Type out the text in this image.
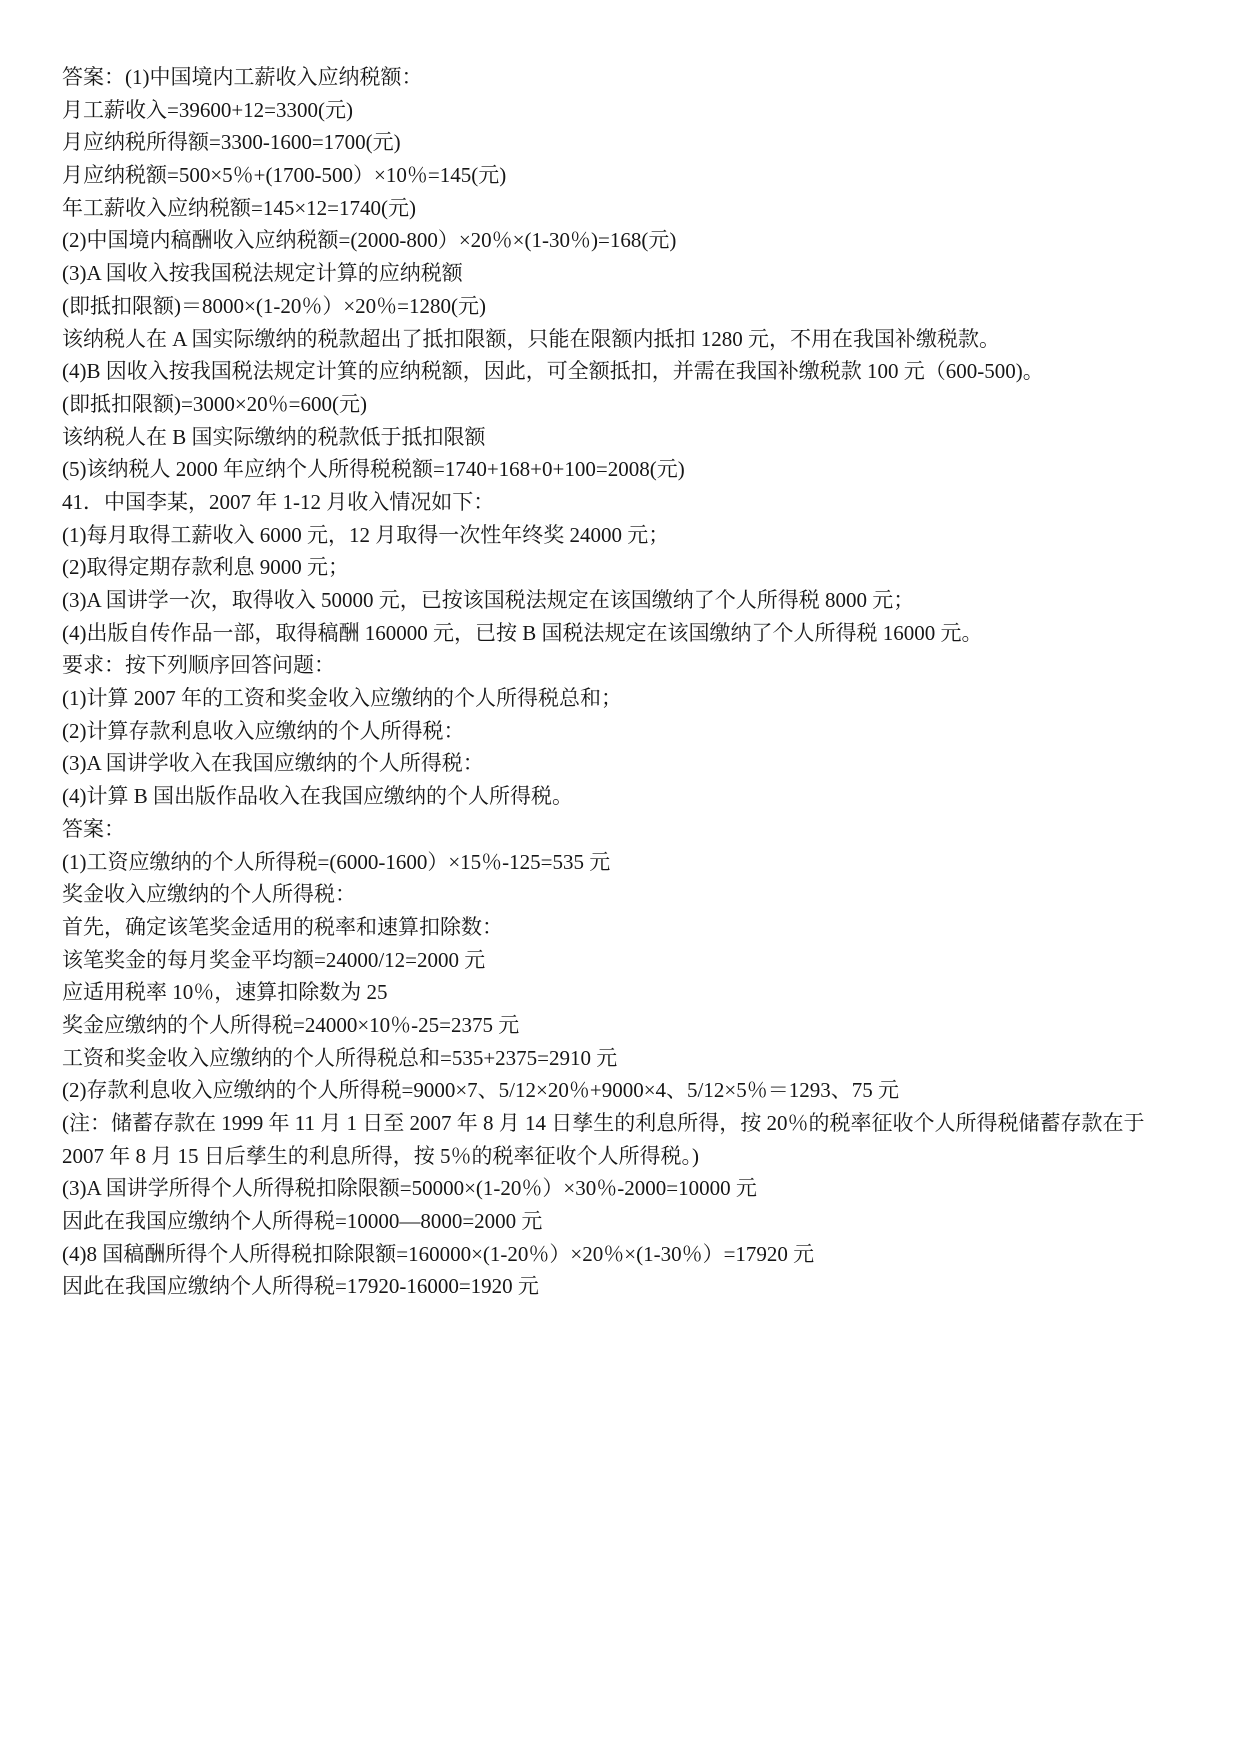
答案：(1)中国境内工薪收入应纳税额：
月工薪收入=39600+12=3300(元)
月应纳税所得额=3300-1600=1700(元)
月应纳税额=500×5％+(1700-500）×10％=145(元)
年工薪收入应纳税额=145×12=1740(元)
(2)中国境内稿酬收入应纳税额=(2000-800）×20％×(1-30％)=168(元)
(3)A 国收入按我国税法规定计算的应纳税额
(即抵扣限额)＝8000×(1-20％）×20％=1280(元)
该纳税人在 A 国实际缴纳的税款超出了抵扣限额，只能在限额内抵扣 1280 元，不用在我国补缴税款。
(4)B 因收入按我国税法规定计箕的应纳税额，因此，可全额抵扣，并需在我国补缴税款 100 元（600-500)。
(即抵扣限额)=3000×20％=600(元)
该纳税人在 B 国实际缴纳的税款低于抵扣限额
(5)该纳税人 2000 年应纳个人所得税税额=1740+168+0+100=2008(元)
41．中国李某，2007 年 1-12 月收入情况如下：
(1)每月取得工薪收入 6000 元，12 月取得一次性年终奖 24000 元；
(2)取得定期存款利息 9000 元；
(3)A 国讲学一次，取得收入 50000 元，已按该国税法规定在该国缴纳了个人所得税 8000 元；
(4)出版自传作品一部，取得稿酬 160000 元，已按 B 国税法规定在该国缴纳了个人所得税 16000 元。
要求：按下列顺序回答问题：
(1)计算 2007 年的工资和奖金收入应缴纳的个人所得税总和；
(2)计算存款利息收入应缴纳的个人所得税：
(3)A 国讲学收入在我国应缴纳的个人所得税：
(4)计算 B 国出版作品收入在我国应缴纳的个人所得税。
答案：
(1)工资应缴纳的个人所得税=(6000-1600）×15％-125=535 元
奖金收入应缴纳的个人所得税：
首先，确定该笔奖金适用的税率和速算扣除数：
该笔奖金的每月奖金平均额=24000/12=2000 元
应适用税率 10％，速算扣除数为 25
奖金应缴纳的个人所得税=24000×10％-25=2375 元
工资和奖金收入应缴纳的个人所得税总和=535+2375=2910 元
(2)存款利息收入应缴纳的个人所得税=9000×7、5/12×20％+9000×4、5/12×5％＝1293、75 元
(注：储蓄存款在 1999 年 11 月 1 日至 2007 年 8 月 14 日孳生的利息所得，按 20％的税率征收个人所得税储蓄存款在于
2007 年 8 月 15 日后孳生的利息所得，按 5％的税率征收个人所得税。)
(3)A 国讲学所得个人所得税扣除限额=50000×(1-20％）×30％-2000=10000 元
因此在我国应缴纳个人所得税=10000—8000=2000 元
(4)8 国稿酬所得个人所得税扣除限额=160000×(1-20％）×20％×(1-30％）=17920 元
因此在我国应缴纳个人所得税=17920-16000=1920 元
